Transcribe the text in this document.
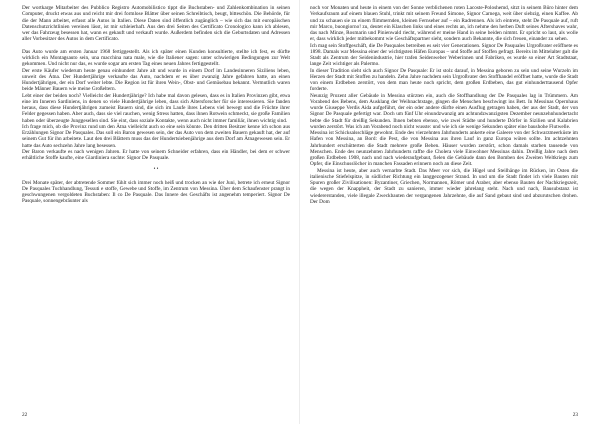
Der wortkarge Mitarbeiter des Pubblico Registro Automobilistico tippt die Buchstaben- und Zahlenkombination in seinen Computer, druckt etwas aus und reicht mir drei formlose Blätter über seinen Schreibtisch, beugt, bitteschön. Die Behörde, für die der Mann arbeitet, erfasst alle Autos in Italien. Diese Daten sind öffentlich zugänglich – wie sich das mit europäischen Datenschutzrichtlinien vereinen lässt, ist mir schleierhaft. Aus den drei Seiten des Certificato Cronologico kann ich ablesen, wer das Fahrzeug besessen hat, wann es gekauft und verkauft wurde. Außerdem befinden sich die Geburtsdaten und Adressen aller Vorbesitzer des Autos in dem Certificato.

Das Auto wurde am ersten Januar 1968 fertiggestellt. Als ich später einen Kunden konsultierte, stellte ich fest, es dürfte wirklich ein Montagsauto sein, una macchina nata male, wie die Italiener sagen: unter schwierigen Bedingungen zur Welt gekommen. Und nicht nur das, es wurde sogar am ersten Tag eines neuen Jahres fertiggestellt.

Der erste Käufer wiederum heute genau einhundert Jahre alt und wurde in einem Dorf im Landesinneren Siziliens leben, unweit des Ätna. Der Hundertjährige verkaufte das Auto, nachdem er es über zwanzig Jahre gefahren hatte, an einen Hundertjährigen, der ein Dorf weiter lebte. Die Region ist für ihren Wein-, Obst- und Gemüsebau bekannt. Vermutlich waren beide Männer Bauern wie meine Großeltern.

Lebt einer der beiden noch? Vielleicht der Hundertjährige? Ich habe mal davon gelesen, dass es in Italien Provinzen gibt, etwa eine im Inneren Sardiniens, in denen so viele Hundertjährige leben, dass sich Altersforscher für sie interessieren. Sie fanden heraus, dass diese Hundertjährigen zumeist Bauern sind, die sich im Laufe ihres Lebens viel bewegt und die Früchte ihrer Felder gegessen haben. Aber auch, dass sie viel rauchen, wenig Stress hatten, dass ihnen Rotwein schmeckt, sie große Familien haben oder überzeugte Junggesellen sind. Sie eint, dass soziale Kontakte, wenn auch nicht immer familiär, ihnen wichtig sind.

Ich frage mich, ob die Provinz rund um den Ätna vielleicht auch so eine sein könnte. Den dritten Besitzer kenne ich schon aus Erzählungen Signor De Pasquales. Das soll ein Baron gewesen sein, der das Auto von dem zweiten Bauern gekauft hat, der auf seinem Gut für ihn arbeitete. Laut den drei Blättern muss das der Hundertsiebenjährige aus dem Dorf am Ätnagewesen sein. Er hatte das Auto sechzehn Jahre lang besessen.

Der Baron verkaufte es nach wenigen Jahren. Er hatte von seinem Schneider erfahren, dass ein Händler, bei dem er schwer erhältliche Stoffe kaufte, eine Giardiniera suchte: Signor De Pasquale.

• •

Drei Monate später, der abtretende Sommer fühlt sich immer noch heiß und trocken an wie der Juni, betrete ich erneut Signor De Pasquales Tuchhandlung, Tessuti e stoffe, Gewebe und Stoffe, im Zentrum von Messina. Über dem Schaufenster prangt in geschwungenen vergoldeten Buchstaben: Il co De Pasquale. Das Innere des Geschäfts ist angenehm temperiert. Signor De Pasquale, sonnengebräunter als

22

noch vor Monaten und heute in einem von der Sonne verblichenen roten Lacoste-Poloshemd, sitzt in seinem Büro hinter dem Verkaufsraum auf einem blauen Stuhl, trinkt mit seinem Freund Simone, Signor Carnega, weit über siebzig, einen Kaffee. Ab und zu schauen sie zu einem flimmernden, kleinen Fernseher auf – ein Radrennen. Als ich eintrete, steht De Pasquale auf, ruft mir Marco, buongiorno! zu, deutet ein Klaschen links und eines rechts an, ich nehme den herben Duft seines Aftershaves wahr, das nach Minze, Rosmarin und Pinienwald riecht, während er meine Hand in seine beiden nimmt. Er spricht so laut, als wolle er, dass wirklich jeder mitbekommt wie Geschäftspartner sieht, sondern auch Bekannte, die sich freuen, einander zu sehen.

Ich mag sein Stoffgeschäft, die De Pasquales betreiben es seit vier Generationen. Signor De Pasquales Urgroßvater eröffnete es 1898. Damals war Messina einer der wichtigsten Häfen Europas – und Stoffe auf Stoffen gefragt. Bereits im Mittelalter galt die Stadt als Zentrum der Seidenindustrie, hier trafen Seidenweber Weberinnen und Fabriken, es wurde so einer Art Stadtstaat, lange Zeit wichtiger als Palermo.

In dieser Tradition sieht sich auch Signor De Pasquale: Er ist stolz darauf, in Messina geboren zu sein und seine Wurzeln im Herzen der Stadt mit Stoffen zu handeln. Zehn Jahre nachdem sein Urgroßvater den Stoffhandel eröffnet hatte, wurde die Stadt von einem Erdbeben zerstört, von dem man heute noch spricht, dem großen Erdbeben, das gut einhunderttausend Opfer forderte.

Neunzig Prozent aller Gebäude in Messina stürzten ein, auch die Stoffhandlung der De Pasquales lag in Trümmern. Am Vorabend des Bebens, dem Ausklang der Weihnachtstage, gingen die Menschen beschwingt ins Bett. In Messinas Opernhaus wurde Giuseppe Verdis Aida aufgeführt, der ein oder andere dürfte einen Ausflug getragen haben, der aus der Stadt, der von Signor De Pasquale gefertigt war. Doch um fünf Uhr einundzwanzig am achtundzwanzigsten Dezember neunzehnhundertacht bebte die Stadt für dreißig Sekunden. Ihnen bebten ebenso, wie zwei Städte und hunderte Dörfer in Sizilien und Kalabrien wurden zerstört. Was ich am Vorabend noch nicht wusste: und wie ich sie wenige Sekunden später eine baushohe Flutwelle.

Messina ist Schicksalsschläge gewohnt. Ende des vierzehnten Jahrhunderts ankerte eine Galeere von der Schwarzmeerküste im Hafen von Messina, an Bord: die Pest, die von Messina aus ihren Lauf in ganz Europa wüten sollte. Im achtzehnten Jahrhundert erschütterten die Stadt mehrere große Beben. Häuser wurden zerstört, schon damals starben tausende von Menschen. Ende des neunzehnten Jahrhunderts raffte die Cholera viele Einwohner Messinas dahin. Dreißig Jahre nach dem großen Erdbeben 1908, nach und nach wiederaufgebaut, fielen die Gebäude dann den Bomben des Zweiten Weltkriegs zum Opfer, die Einschusslöcher in manchen Fassaden erinnern noch an diese Zeit.

Messina ist heute, aber auch vernarbte Stadt. Das Meer vor sich, die Hügel und Steilhänge im Rücken, im Osten die italienische Stiefelspitze, in südlicher Richtung ein langgezogener Strand. In und um die Stadt findet ich viele Bauten mit Spuren großer Zivilisationen: Byzantiner, Griechen, Normannen, Römer und Araber, aber ebenso Bauten der Nachkriegszeit, die wegen der Knappheit, der Stadt zu sanieren, immer wieder jahrelang steht. Nach und nach, Bausubstanz ist wiedererstanden, viele illegale Zweckbauten der vergangenen Jahrzehnte, die auf Sand gebaut sind und abzurutschen drohen. Der Dom

23
